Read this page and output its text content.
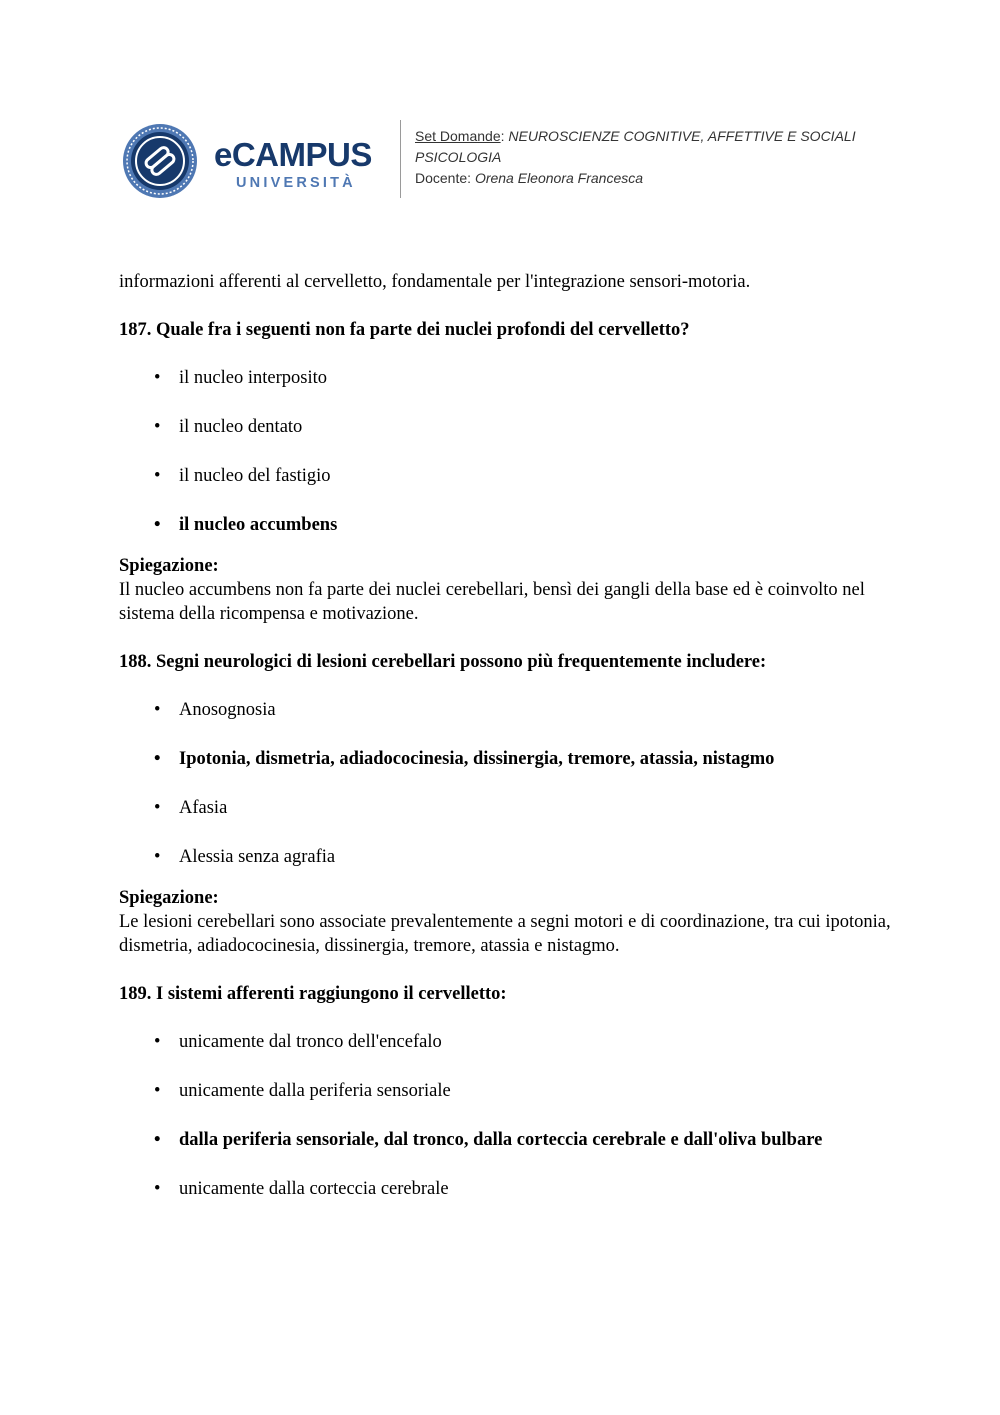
eCAMPUS
UNIVERSITÀ
Set Domande: NEUROSCIENZE COGNITIVE, AFFETTIVE E SOCIALI
PSICOLOGIA
Docente: Orena Eleonora Francesca

informazioni afferenti al cervelletto, fondamentale per l'integrazione sensori-motoria.

187. Quale fra i seguenti non fa parte dei nuclei profondi del cervelletto?

• il nucleo interposito
• il nucleo dentato
• il nucleo del fastigio
• il nucleo accumbens

Spiegazione:

Il nucleo accumbens non fa parte dei nuclei cerebellari, bensì dei gangli della base ed è coinvolto nel sistema della ricompensa e motivazione.

188. Segni neurologici di lesioni cerebellari possono più frequentemente includere:

• Anosognosia
• Ipotonia, dismetria, adiadococinesia, dissinergia, tremore, atassia, nistagmo
• Afasia
• Alessia senza agrafia

Spiegazione:

Le lesioni cerebellari sono associate prevalentemente a segni motori e di coordinazione, tra cui ipotonia, dismetria, adiadococinesia, dissinergia, tremore, atassia e nistagmo.

189. I sistemi afferenti raggiungono il cervelletto:

• unicamente dal tronco dell'encefalo
• unicamente dalla periferia sensoriale
• dalla periferia sensoriale, dal tronco, dalla corteccia cerebrale e dall'oliva bulbare
• unicamente dalla corteccia cerebrale
